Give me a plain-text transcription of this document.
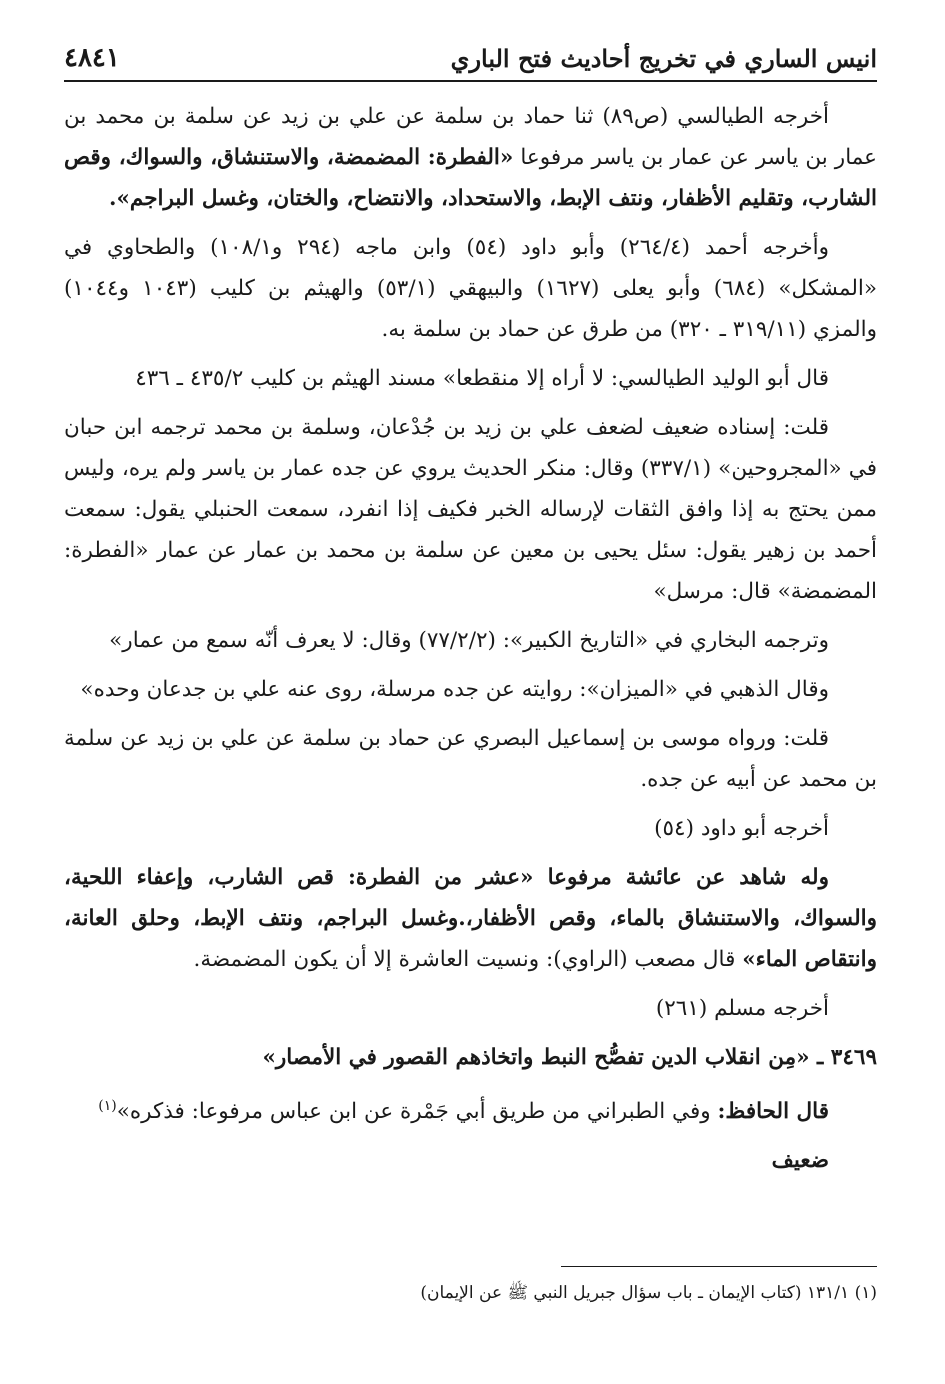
انيس الساري في تخريج أحاديث فتح الباري
٤٨٤١

أخرجه الطيالسي (ص٨٩) ثنا حماد بن سلمة عن علي بن زيد عن سلمة بن محمد بن عمار بن ياسر عن عمار بن ياسر مرفوعا «الفطرة: المضمضة، والاستنشاق، والسواك، وقص الشارب، وتقليم الأظفار، ونتف الإبط، والاستحداد، والانتضاح، والختان، وغسل البراجم».

وأخرجه أحمد (٢٦٤/٤) وأبو داود (٥٤) وابن ماجه (٢٩٤ و١٠٨/١) والطحاوي في «المشكل» (٦٨٤) وأبو يعلى (١٦٢٧) والبيهقي (٥٣/١) والهيثم بن كليب (١٠٤٣ و١٠٤٤) والمزي (٣١٩/١١ ـ ٣٢٠) من طرق عن حماد بن سلمة به.

قال أبو الوليد الطيالسي: لا أراه إلا منقطعا» مسند الهيثم بن كليب ٤٣٥/٢ ـ ٤٣٦

قلت: إسناده ضعيف لضعف علي بن زيد بن جُدْعان، وسلمة بن محمد ترجمه ابن حبان في «المجروحين» (٣٣٧/١) وقال: منكر الحديث يروي عن جده عمار بن ياسر ولم يره، وليس ممن يحتج به إذا وافق الثقات لإرساله الخبر فكيف إذا انفرد، سمعت الحنبلي يقول: سمعت أحمد بن زهير يقول: سئل يحيى بن معين عن سلمة بن محمد بن عمار عن عمار «الفطرة: المضمضة» قال: مرسل»

وترجمه البخاري في «التاريخ الكبير»: (٧٧/٢/٢) وقال: لا يعرف أنّه سمع من عمار»

وقال الذهبي في «الميزان»: روايته عن جده مرسلة، روى عنه علي بن جدعان وحده»

قلت: ورواه موسى بن إسماعيل البصري عن حماد بن سلمة عن علي بن زيد عن سلمة بن محمد عن أبيه عن جده.

أخرجه أبو داود (٥٤)

وله شاهد عن عائشة مرفوعا «عشر من الفطرة: قص الشارب، وإعفاء اللحية، والسواك، والاستنشاق بالماء، وقص الأظفار،.وغسل البراجم، ونتف الإبط، وحلق العانة، وانتقاص الماء» قال مصعب (الراوي): ونسيت العاشرة إلا أن يكون المضمضة.

أخرجه مسلم (٢٦١)

٣٤٦٩ ـ «مِن انقلاب الدين تفصُّح النبط واتخاذهم القصور في الأمصار»

قال الحافظ: وفي الطبراني من طريق أبي جَمْرة عن ابن عباس مرفوعا: فذكره»$^{(١)}$

ضعيف

(١) ١٣١/١ (كتاب الإيمان ـ باب سؤال جبريل النبي ﷺ عن الإيمان)
